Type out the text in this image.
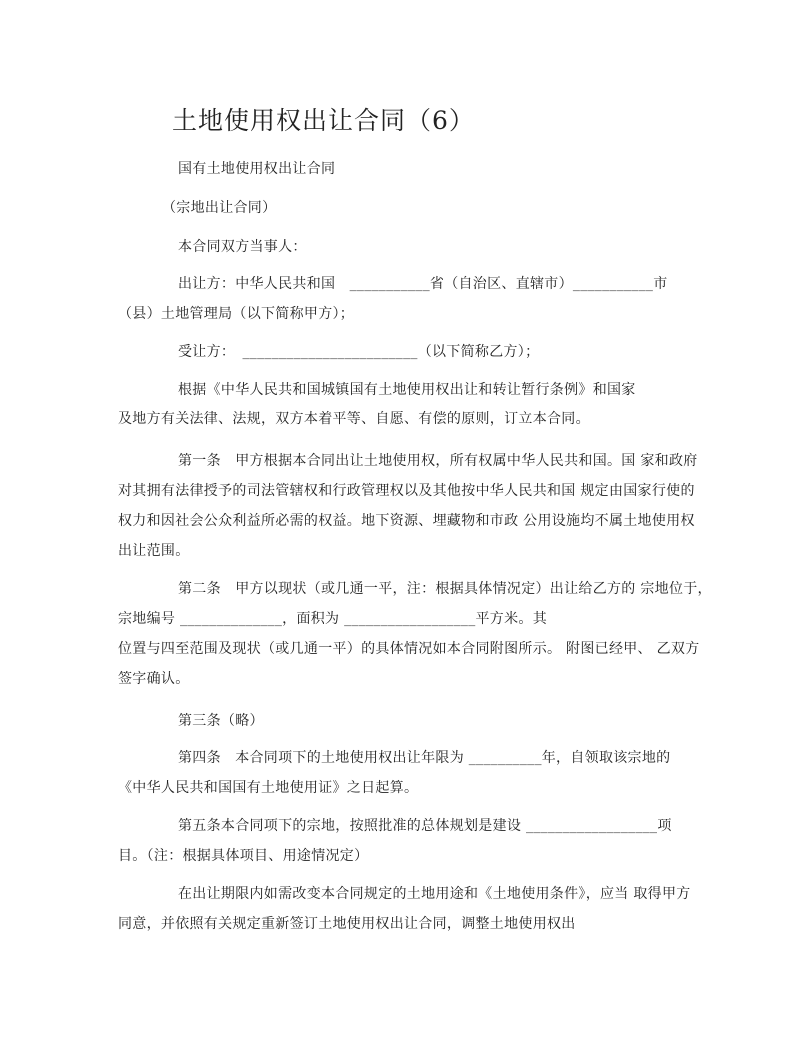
土地使用权出让合同（6）
国有土地使用权出让合同
（宗地出让合同）
本合同双方当事人：
出让方：中华人民共和国　___________省（自治区、直辖市）___________市
（县）土地管理局（以下简称甲方）；
受让方：　________________________（以下简称乙方）；
根据《中华人民共和国城镇国有土地使用权出让和转让暂行条例》和国家
及地方有关法律、法规，双方本着平等、自愿、有偿的原则，订立本合同。
第一条　甲方根据本合同出让土地使用权，所有权属中华人民共和国。国 家和政府
对其拥有法律授予的司法管辖权和行政管理权以及其他按中华人民共和国 规定由国家行使的
权力和因社会公众利益所必需的权益。地下资源、埋藏物和市政 公用设施均不属土地使用权
出让范围。
第二条　甲方以现状（或几通一平，注：根据具体情况定）出让给乙方的 宗地位于，
宗地编号 ______________，面积为 __________________平方米。其
位置与四至范围及现状（或几通一平）的具体情况如本合同附图所示。 附图已经甲、 乙双方
签字确认。
第三条（略）
第四条　本合同项下的土地使用权出让年限为 __________年，自领取该宗地的
《中华人民共和国国有土地使用证》之日起算。
第五条本合同项下的宗地，按照批准的总体规划是建设 __________________项
目。（注：根据具体项目、用途情况定）
在出让期限内如需改变本合同规定的土地用途和《土地使用条件》，应当 取得甲方
同意，并依照有关规定重新签订土地使用权出让合同，调整土地使用权出
